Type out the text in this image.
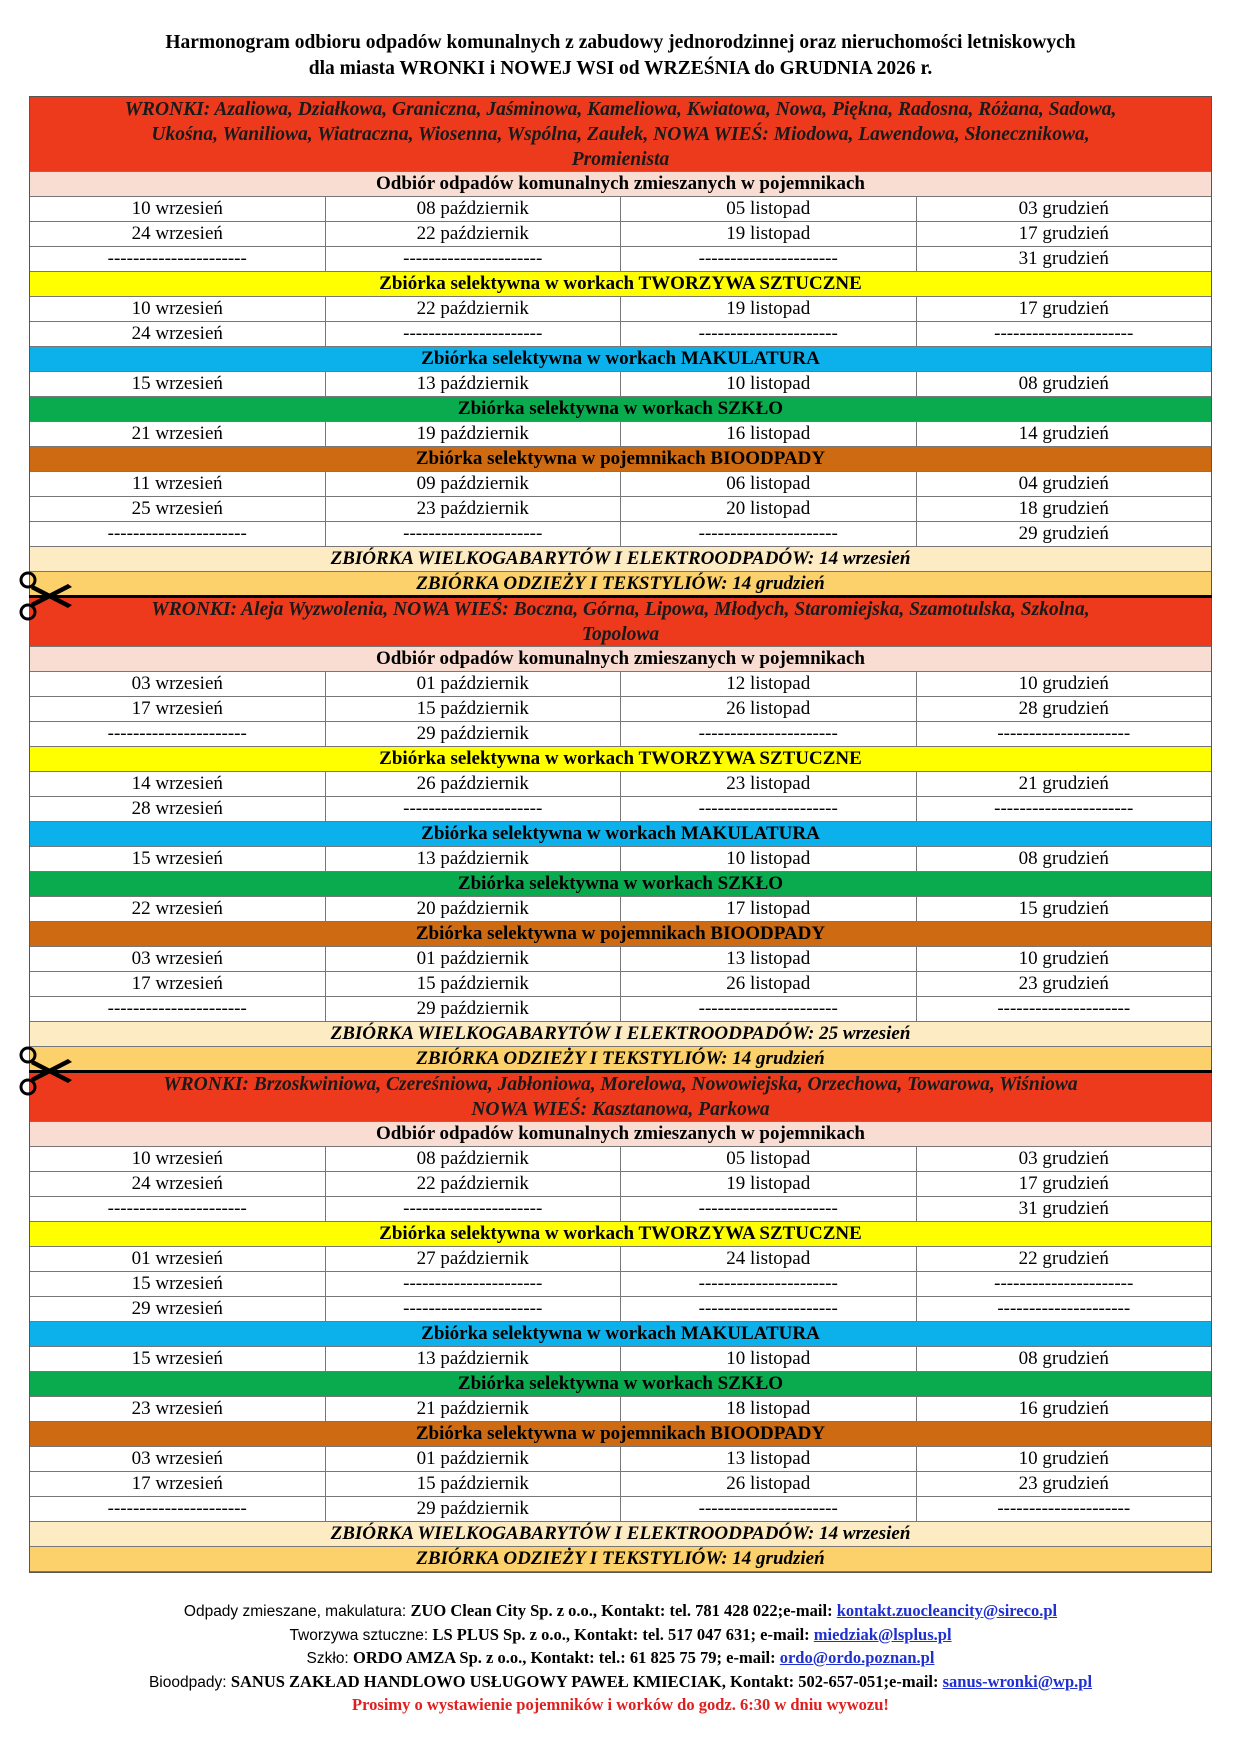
Harmonogram odbioru odpadów komunalnych z zabudowy jednorodzinnej oraz nieruchomości letniskowych
dla miasta WRONKI i NOWEJ WSI od WRZEŚNIA do GRUDNIA 2026 r.
WRONKI: Azaliowa, Działkowa, Graniczna, Jaśminowa, Kameliowa, Kwiatowa, Nowa, Piękna, Radosna, Różana, Sadowa,
Ukośna, Waniliowa, Wiatraczna, Wiosenna, Wspólna, Zaułek, NOWA WIEŚ: Miodowa, Lawendowa, Słonecznikowa,
Promienista
Odbiór odpadów komunalnych zmieszanych w pojemnikach
10 wrzesień	08 październik	05 listopad	03 grudzień
24 wrzesień	22 październik	19 listopad	17 grudzień
----------------------	----------------------	----------------------	31 grudzień
Zbiórka selektywna w workach TWORZYWA SZTUCZNE
10 wrzesień	22 październik	19 listopad	17 grudzień
24 wrzesień	----------------------	----------------------	----------------------
Zbiórka selektywna w workach MAKULATURA
15 wrzesień	13 październik	10 listopad	08 grudzień
Zbiórka selektywna w workach SZKŁO
21 wrzesień	19 październik	16 listopad	14 grudzień
Zbiórka selektywna w pojemnikach BIOODPADY
11 wrzesień	09 październik	06 listopad	04 grudzień
25 wrzesień	23 październik	20 listopad	18 grudzień
----------------------	----------------------	----------------------	29 grudzień
ZBIÓRKA WIELKOGABARYTÓW I ELEKTROODPADÓW: 14 wrzesień
ZBIÓRKA ODZIEŻY I TEKSTYLIÓW: 14 grudzień
WRONKI: Aleja Wyzwolenia, NOWA WIEŚ: Boczna, Górna, Lipowa, Młodych, Staromiejska, Szamotulska, Szkolna,
Topolowa
Odbiór odpadów komunalnych zmieszanych w pojemnikach
03 wrzesień	01 październik	12 listopad	10 grudzień
17 wrzesień	15 październik	26 listopad	28 grudzień
----------------------	29 październik	----------------------	---------------------
Zbiórka selektywna w workach TWORZYWA SZTUCZNE
14 wrzesień	26 październik	23 listopad	21 grudzień
28 wrzesień	----------------------	----------------------	----------------------
Zbiórka selektywna w workach MAKULATURA
15 wrzesień	13 październik	10 listopad	08 grudzień
Zbiórka selektywna w workach SZKŁO
22 wrzesień	20 październik	17 listopad	15 grudzień
Zbiórka selektywna w pojemnikach BIOODPADY
03 wrzesień	01 październik	13 listopad	10 grudzień
17 wrzesień	15 październik	26 listopad	23 grudzień
----------------------	29 październik	----------------------	---------------------
ZBIÓRKA WIELKOGABARYTÓW I ELEKTROODPADÓW: 25 wrzesień
ZBIÓRKA ODZIEŻY I TEKSTYLIÓW: 14 grudzień
WRONKI: Brzoskwiniowa, Czereśniowa, Jabłoniowa, Morelowa, Nowowiejska, Orzechowa, Towarowa, Wiśniowa
NOWA WIEŚ: Kasztanowa, Parkowa
Odbiór odpadów komunalnych zmieszanych w pojemnikach
10 wrzesień	08 październik	05 listopad	03 grudzień
24 wrzesień	22 październik	19 listopad	17 grudzień
----------------------	----------------------	----------------------	31 grudzień
Zbiórka selektywna w workach TWORZYWA SZTUCZNE
01 wrzesień	27 październik	24 listopad	22 grudzień
15 wrzesień	----------------------	----------------------	----------------------
29 wrzesień	----------------------	----------------------	---------------------
Zbiórka selektywna w workach MAKULATURA
15 wrzesień	13 październik	10 listopad	08 grudzień
Zbiórka selektywna w workach SZKŁO
23 wrzesień	21 październik	18 listopad	16 grudzień
Zbiórka selektywna w pojemnikach BIOODPADY
03 wrzesień	01 październik	13 listopad	10 grudzień
17 wrzesień	15 październik	26 listopad	23 grudzień
----------------------	29 październik	----------------------	---------------------
ZBIÓRKA WIELKOGABARYTÓW I ELEKTROODPADÓW: 14 wrzesień
ZBIÓRKA ODZIEŻY I TEKSTYLIÓW: 14 grudzień
Odpady zmieszane, makulatura: ZUO Clean City Sp. z o.o., Kontakt: tel. 781 428 022;e-mail: kontakt.zuocleancity@sireco.pl
Tworzywa sztuczne: LS PLUS Sp. z o.o., Kontakt: tel. 517 047 631; e-mail: miedziak@lsplus.pl
Szkło: ORDO AMZA Sp. z o.o., Kontakt: tel.: 61 825 75 79; e-mail: ordo@ordo.poznan.pl
Bioodpady: SANUS ZAKŁAD HANDLOWO USŁUGOWY PAWEŁ KMIECIAK, Kontakt: 502-657-051;e-mail: sanus-wronki@wp.pl
Prosimy o wystawienie pojemników i worków do godz. 6:30 w dniu wywozu!
